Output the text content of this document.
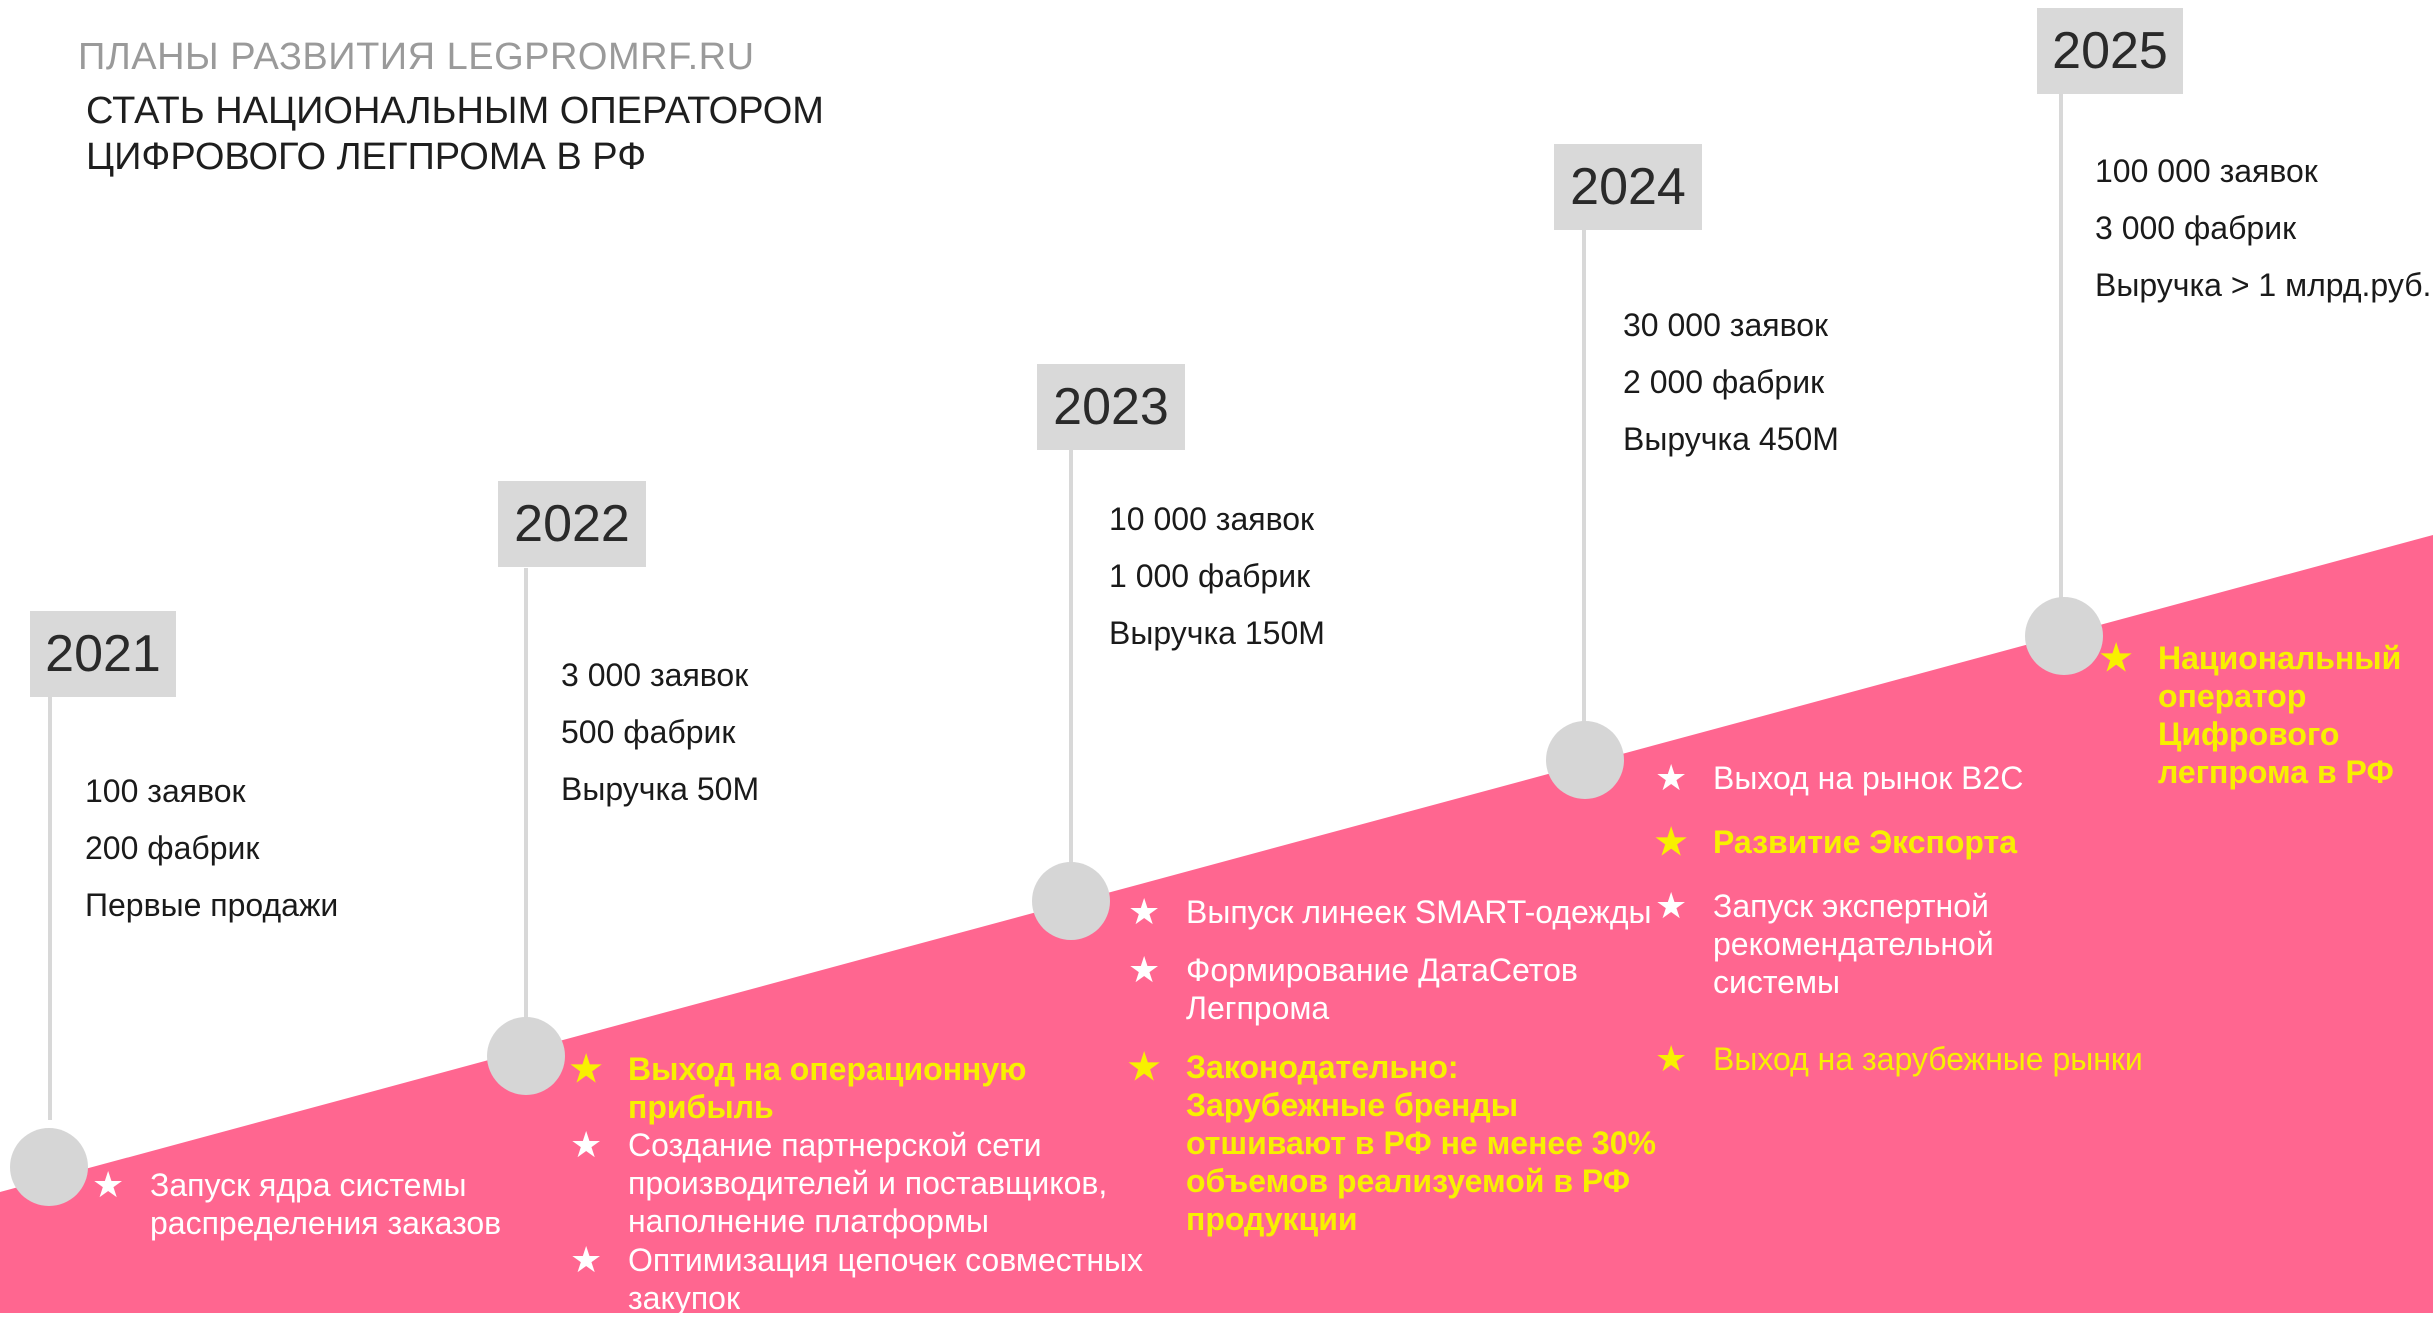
ПЛАНЫ РАЗВИТИЯ LEGPROMRF.RU
СТАТЬ НАЦИОНАЛЬНЫМ ОПЕРАТОРОМ
ЦИФРОВОГО ЛЕГПРОМА В РФ
2021
100 заявок
200 фабрик
Первые продажи
★ Запуск ядра системы распределения заказов
2022
3 000 заявок
500 фабрик
Выручка 50М
★ Выход на операционную прибыль
★ Создание партнерской сети производителей и поставщиков, наполнение платформы
★ Оптимизация цепочек совместных закупок
2023
10 000 заявок
1 000 фабрик
Выручка 150М
★ Выпуск линеек SMART-одежды
★ Формирование ДатаСетов Легпрома
★ Законодательно: Зарубежные бренды отшивают в РФ не менее 30% объемов реализуемой в РФ продукции
2024
30 000 заявок
2 000 фабрик
Выручка 450М
★ Выход на рынок B2C
★ Развитие Экспорта
★ Запуск экспертной рекомендательной системы
★ Выход на зарубежные рынки
2025
100 000 заявок
3 000 фабрик
Выручка > 1 млрд.руб.
★ Национальный оператор Цифрового легпрома в РФ
